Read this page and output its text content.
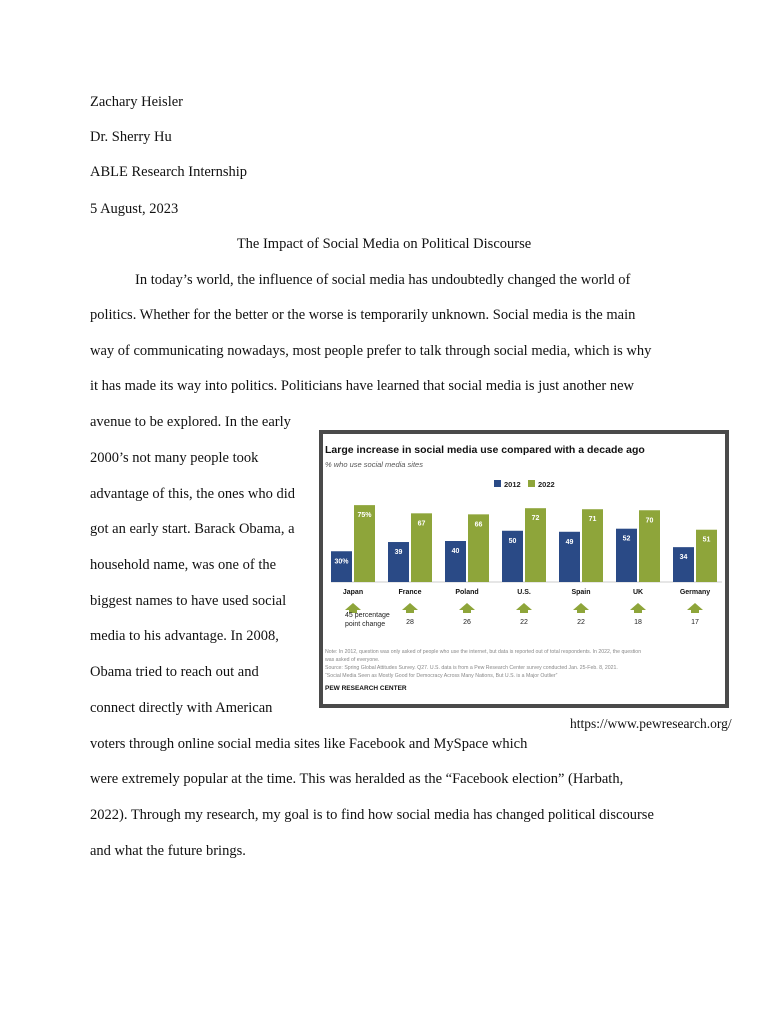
Zachary Heisler
Dr. Sherry Hu
ABLE Research Internship
5 August, 2023
The Impact of Social Media on Political Discourse
In today’s world, the influence of social media has undoubtedly changed the world of
politics. Whether for the better or the worse is temporarily unknown. Social media is the main
way of communicating nowadays, most people prefer to talk through social media, which is why
it has made its way into politics. Politicians have learned that social media is just another new
avenue to be explored. In the early
2000’s not many people took
advantage of this, the ones who did
got an early start. Barack Obama, a
household name, was one of the
biggest names to have used social
media to his advantage. In 2008,
Obama tried to reach out and
connect directly with American
voters through online social media sites like Facebook and MySpace which
were extremely popular at the time. This was heralded as the “Facebook election” (Harbath,
2022). Through my research, my goal is to find how social media has changed political discourse
and what the future brings.
Large increase in social media use compared with a decade ago
% who use social media sites
2012 2022
30%
75%
Japan
39
67
France
28
40
66
Poland
26
50
72
U.S.
22
49
71
Spain
22
52
70
UK
18
34
51
Germany
17
45 percentage
point change
Note: In 2012, question was only asked of people who use the internet, but data is reported out of total respondents. In 2022, the question
was asked of everyone.
Source: Spring Global Attitudes Survey. Q27. U.S. data is from a Pew Research Center survey conducted Jan. 25-Feb. 8, 2021.
“Social Media Seen as Mostly Good for Democracy Across Many Nations, But U.S. is a Major Outlier”
PEW RESEARCH CENTER
https://www.pewresearch.org/
